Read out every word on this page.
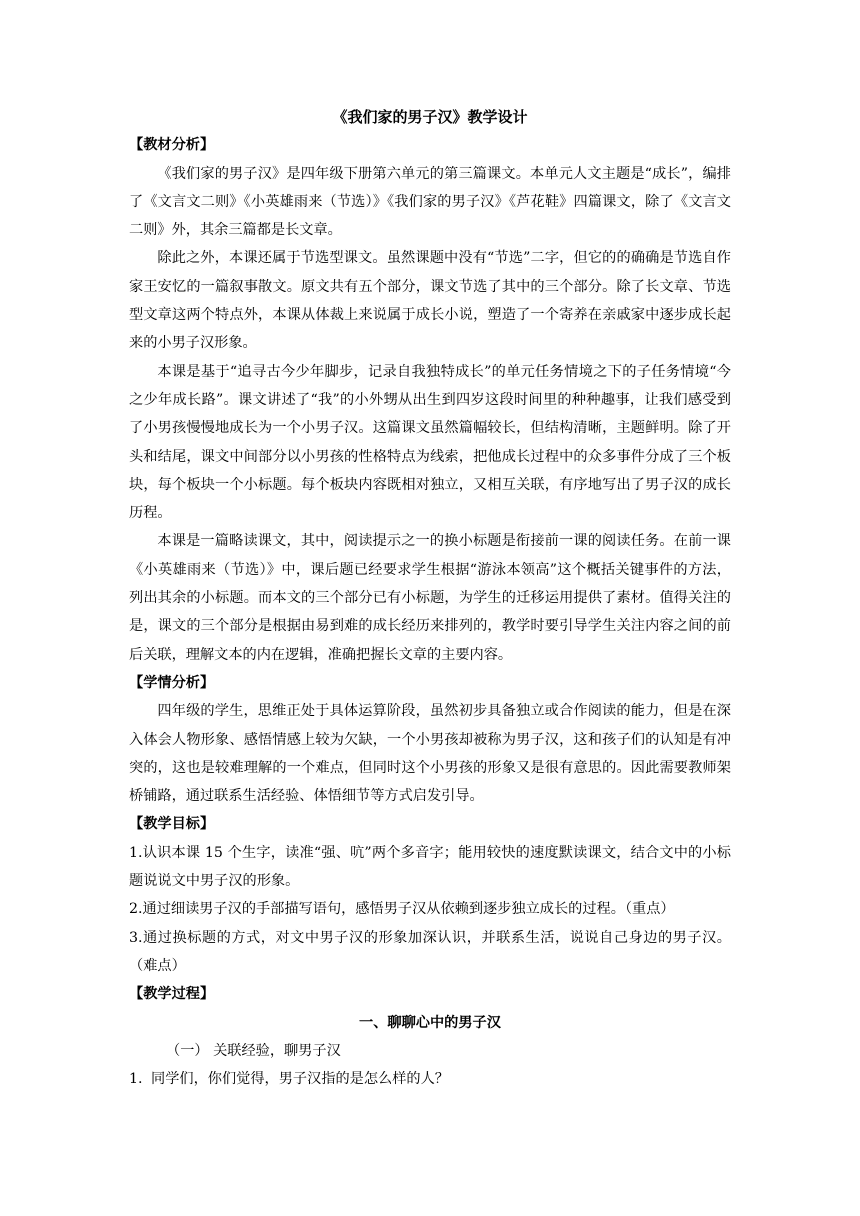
《我们家的男子汉》教学设计
【教材分析】

《我们家的男子汉》是四年级下册第六单元的第三篇课文。本单元人文主题是“成长”，编排了《文言文二则》《小英雄雨来（节选）》《我们家的男子汉》《芦花鞋》四篇课文，除了《文言文二则》外，其余三篇都是长文章。

除此之外，本课还属于节选型课文。虽然课题中没有“节选”二字，但它的的确确是节选自作家王安忆的一篇叙事散文。原文共有五个部分，课文节选了其中的三个部分。除了长文章、节选型文章这两个特点外，本课从体裁上来说属于成长小说，塑造了一个寄养在亲戚家中逐步成长起来的小男子汉形象。

本课是基于“追寻古今少年脚步，记录自我独特成长”的单元任务情境之下的子任务情境“今之少年成长路”。课文讲述了“我”的小外甥从出生到四岁这段时间里的种种趣事，让我们感受到了小男孩慢慢地成长为一个小男子汉。这篇课文虽然篇幅较长，但结构清晰，主题鲜明。除了开头和结尾，课文中间部分以小男孩的性格特点为线索，把他成长过程中的众多事件分成了三个板块，每个板块一个小标题。每个板块内容既相对独立，又相互关联，有序地写出了男子汉的成长历程。

本课是一篇略读课文，其中，阅读提示之一的换小标题是衔接前一课的阅读任务。在前一课《小英雄雨来（节选）》中，课后题已经要求学生根据“游泳本领高”这个概括关键事件的方法，列出其余的小标题。而本文的三个部分已有小标题，为学生的迁移运用提供了素材。值得关注的是，课文的三个部分是根据由易到难的成长经历来排列的，教学时要引导学生关注内容之间的前后关联，理解文本的内在逻辑，准确把握长文章的主要内容。

【学情分析】

四年级的学生，思维正处于具体运算阶段，虽然初步具备独立或合作阅读的能力，但是在深入体会人物形象、感悟情感上较为欠缺，一个小男孩却被称为男子汉，这和孩子们的认知是有冲突的，这也是较难理解的一个难点，但同时这个小男孩的形象又是很有意思的。因此需要教师架桥铺路，通过联系生活经验、体悟细节等方式启发引导。

【教学目标】

1.认识本课 15 个生字，读准“强、吭”两个多音字；能用较快的速度默读课文，结合文中的小标题说说文中男子汉的形象。

2.通过细读男子汉的手部描写语句，感悟男子汉从依赖到逐步独立成长的过程。（重点）

3.通过换标题的方式，对文中男子汉的形象加深认识，并联系生活，说说自己身边的男子汉。（难点）

【教学过程】
一、聊聊心中的男子汉

（一） 关联经验，聊男子汉

1. 同学们，你们觉得，男子汉指的是怎么样的人？
